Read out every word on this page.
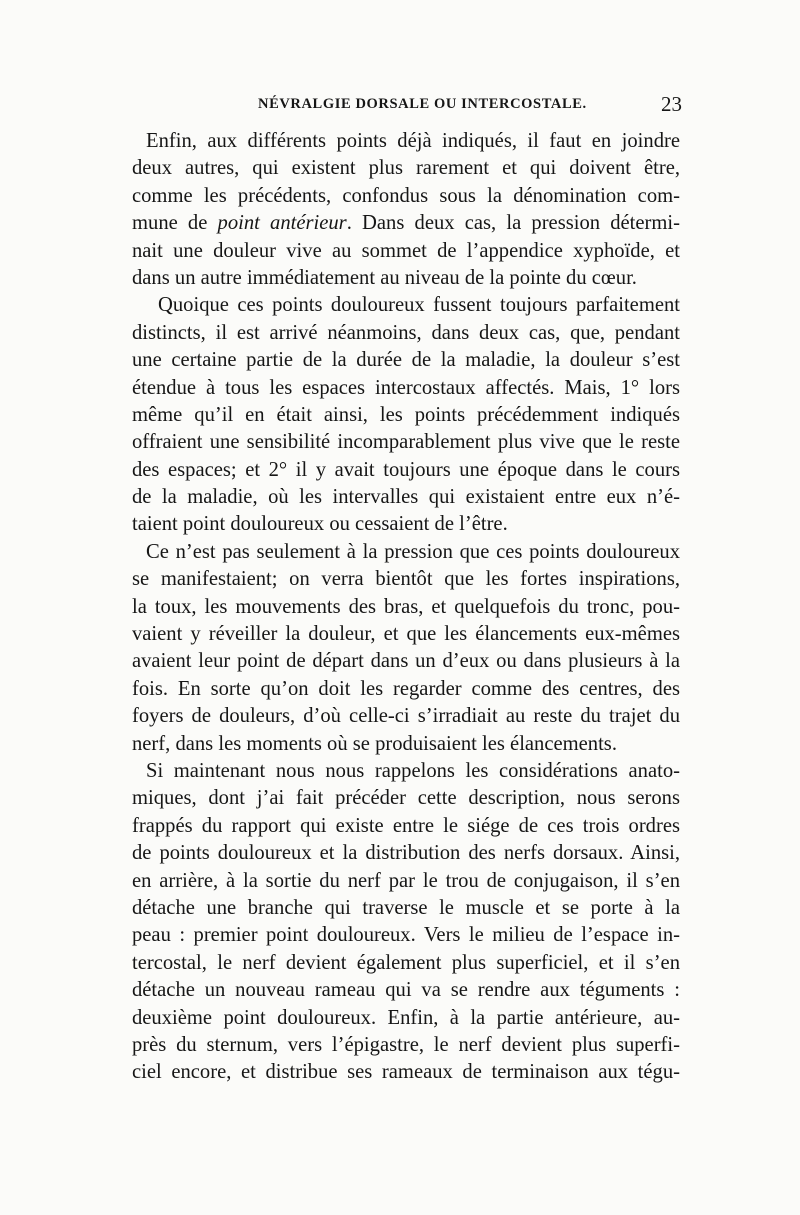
NÉVRALGIE DORSALE OU INTERCOSTALE.	23
Enfin, aux différents points déjà indiqués, il faut en joindre
deux autres, qui existent plus rarement et qui doivent être,
comme les précédents, confondus sous la dénomination com-
mune de point antérieur. Dans deux cas, la pression détermi-
nait une douleur vive au sommet de l’appendice xyphoïde, et
dans un autre immédiatement au niveau de la pointe du cœur.
Quoique ces points douloureux fussent toujours parfaitement
distincts, il est arrivé néanmoins, dans deux cas, que, pendant
une certaine partie de la durée de la maladie, la douleur s’est
étendue à tous les espaces intercostaux affectés. Mais, 1° lors
même qu’il en était ainsi, les points précédemment indiqués
offraient une sensibilité incomparablement plus vive que le reste
des espaces; et 2° il y avait toujours une époque dans le cours
de la maladie, où les intervalles qui existaient entre eux n’é-
taient point douloureux ou cessaient de l’être.
Ce n’est pas seulement à la pression que ces points douloureux
se manifestaient; on verra bientôt que les fortes inspirations,
la toux, les mouvements des bras, et quelquefois du tronc, pou-
vaient y réveiller la douleur, et que les élancements eux-mêmes
avaient leur point de départ dans un d’eux ou dans plusieurs à la
fois. En sorte qu’on doit les regarder comme des centres, des
foyers de douleurs, d’où celle-ci s’irradiait au reste du trajet du
nerf, dans les moments où se produisaient les élancements.
Si maintenant nous nous rappelons les considérations anato-
miques, dont j’ai fait précéder cette description, nous serons
frappés du rapport qui existe entre le siége de ces trois ordres
de points douloureux et la distribution des nerfs dorsaux. Ainsi,
en arrière, à la sortie du nerf par le trou de conjugaison, il s’en
détache une branche qui traverse le muscle et se porte à la
peau : premier point douloureux. Vers le milieu de l’espace in-
tercostal, le nerf devient également plus superficiel, et il s’en
détache un nouveau rameau qui va se rendre aux téguments :
deuxième point douloureux. Enfin, à la partie antérieure, au-
près du sternum, vers l’épigastre, le nerf devient plus superfi-
ciel encore, et distribue ses rameaux de terminaison aux tégu-
